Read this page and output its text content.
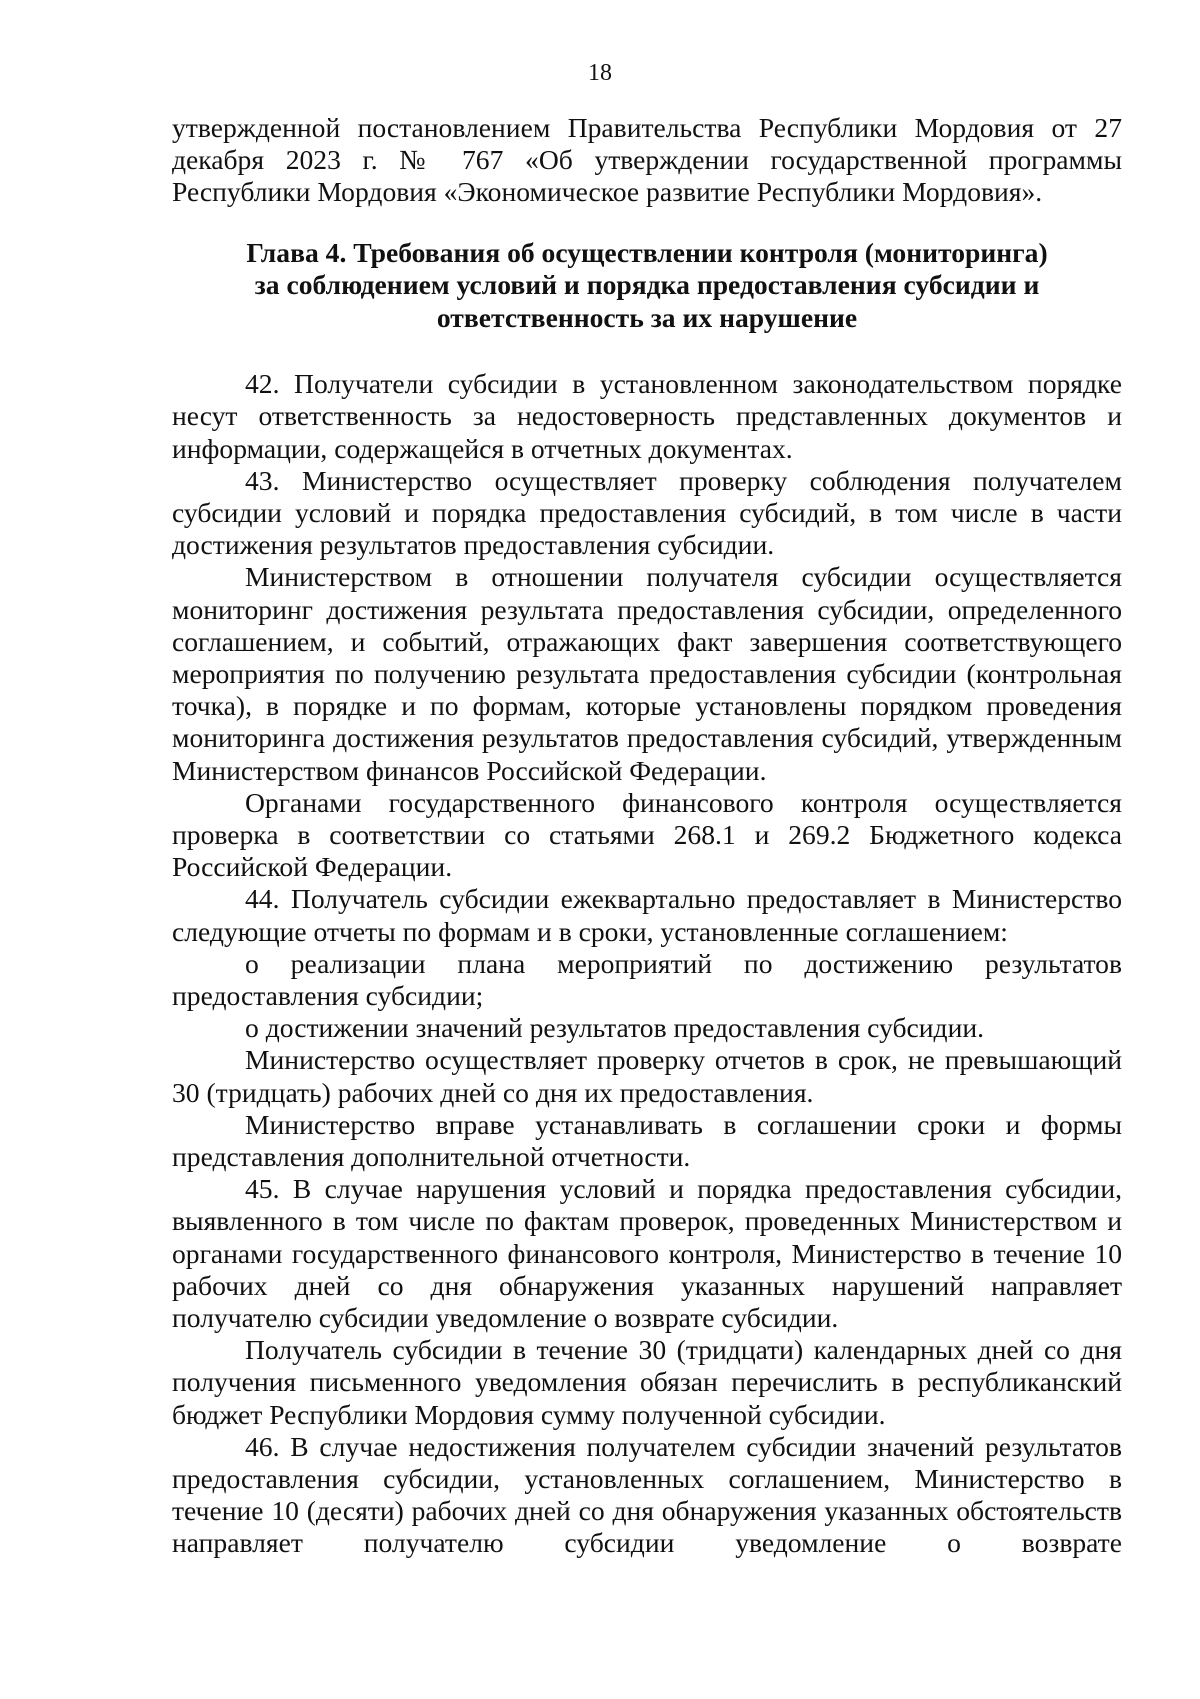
18

утвержденной постановлением Правительства Республики Мордовия от 27 декабря 2023 г. № 767 «Об утверждении государственной программы Республики Мордовия «Экономическое развитие Республики Мордовия».

Глава 4. Требования об осуществлении контроля (мониторинга)
за соблюдением условий и порядка предоставления субсидии и
ответственность за их нарушение

42. Получатели субсидии в установленном законодательством порядке несут ответственность за недостоверность представленных документов и информации, содержащейся в отчетных документах.

43. Министерство осуществляет проверку соблюдения получателем субсидии условий и порядка предоставления субсидий, в том числе в части достижения результатов предоставления субсидии.

Министерством в отношении получателя субсидии осуществляется мониторинг достижения результата предоставления субсидии, определенного соглашением, и событий, отражающих факт завершения соответствующего мероприятия по получению результата предоставления субсидии (контрольная точка), в порядке и по формам, которые установлены порядком проведения мониторинга достижения результатов предоставления субсидий, утвержденным Министерством финансов Российской Федерации.

Органами государственного финансового контроля осуществляется проверка в соответствии со статьями 268.1 и 269.2 Бюджетного кодекса Российской Федерации.

44. Получатель субсидии ежеквартально предоставляет в Министерство следующие отчеты по формам и в сроки, установленные соглашением:

о реализации плана мероприятий по достижению результатов предоставления субсидии;

о достижении значений результатов предоставления субсидии.

Министерство осуществляет проверку отчетов в срок, не превышающий 30 (тридцать) рабочих дней со дня их предоставления.

Министерство вправе устанавливать в соглашении сроки и формы представления дополнительной отчетности.

45. В случае нарушения условий и порядка предоставления субсидии, выявленного в том числе по фактам проверок, проведенных Министерством и органами государственного финансового контроля, Министерство в течение 10 рабочих дней со дня обнаружения указанных нарушений направляет получателю субсидии уведомление о возврате субсидии.

Получатель субсидии в течение 30 (тридцати) календарных дней со дня получения письменного уведомления обязан перечислить в республиканский бюджет Республики Мордовия сумму полученной субсидии.

46. В случае недостижения получателем субсидии значений результатов предоставления субсидии, установленных соглашением, Министерство в течение 10 (десяти) рабочих дней со дня обнаружения указанных обстоятельств направляет получателю субсидии уведомление о возврате
